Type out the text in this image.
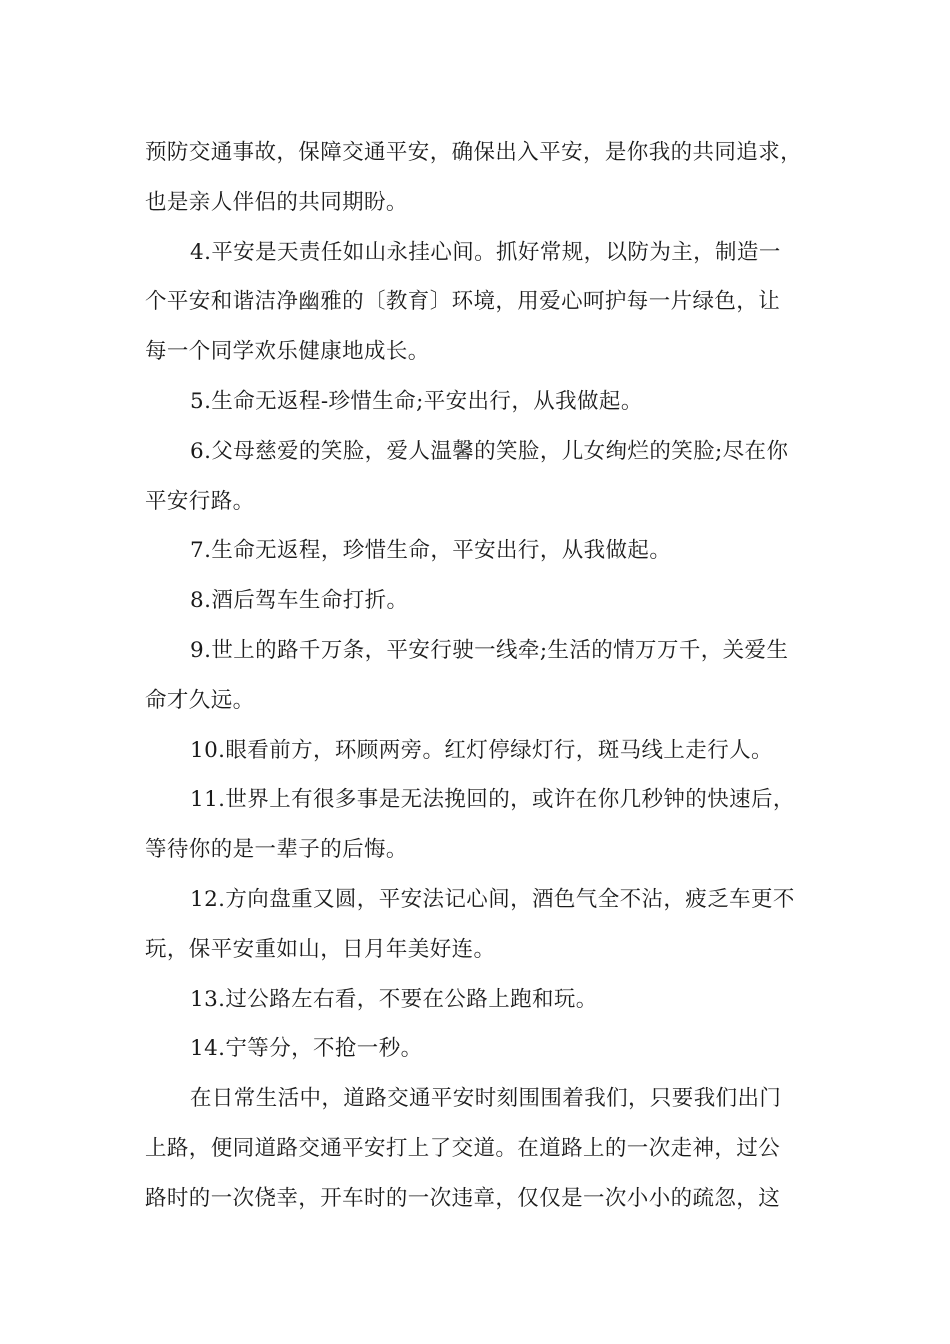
预防交通事故，保障交通平安，确保出入平安，是你我的共同追求，

也是亲人伴侣的共同期盼。

4.平安是天责任如山永挂心间。抓好常规，以防为主，制造一

个平安和谐洁净幽雅的〔教育〕环境，用爱心呵护每一片绿色，让

每一个同学欢乐健康地成长。

5.生命无返程-珍惜生命;平安出行，从我做起。

6.父母慈爱的笑脸，爱人温馨的笑脸，儿女绚烂的笑脸;尽在你

平安行路。

7.生命无返程，珍惜生命，平安出行，从我做起。

8.酒后驾车生命打折。

9.世上的路千万条，平安行驶一线牵;生活的情万万千，关爱生

命才久远。

10.眼看前方，环顾两旁。红灯停绿灯行，斑马线上走行人。

11.世界上有很多事是无法挽回的，或许在你几秒钟的快速后，

等待你的是一辈子的后悔。

12.方向盘重又圆，平安法记心间，酒色气全不沾，疲乏车更不

玩，保平安重如山，日月年美好连。

13.过公路左右看，不要在公路上跑和玩。

14.宁等分，不抢一秒。

在日常生活中，道路交通平安时刻围围着我们，只要我们出门

上路，便同道路交通平安打上了交道。在道路上的一次走神，过公

路时的一次侥幸，开车时的一次违章，仅仅是一次小小的疏忽，这
